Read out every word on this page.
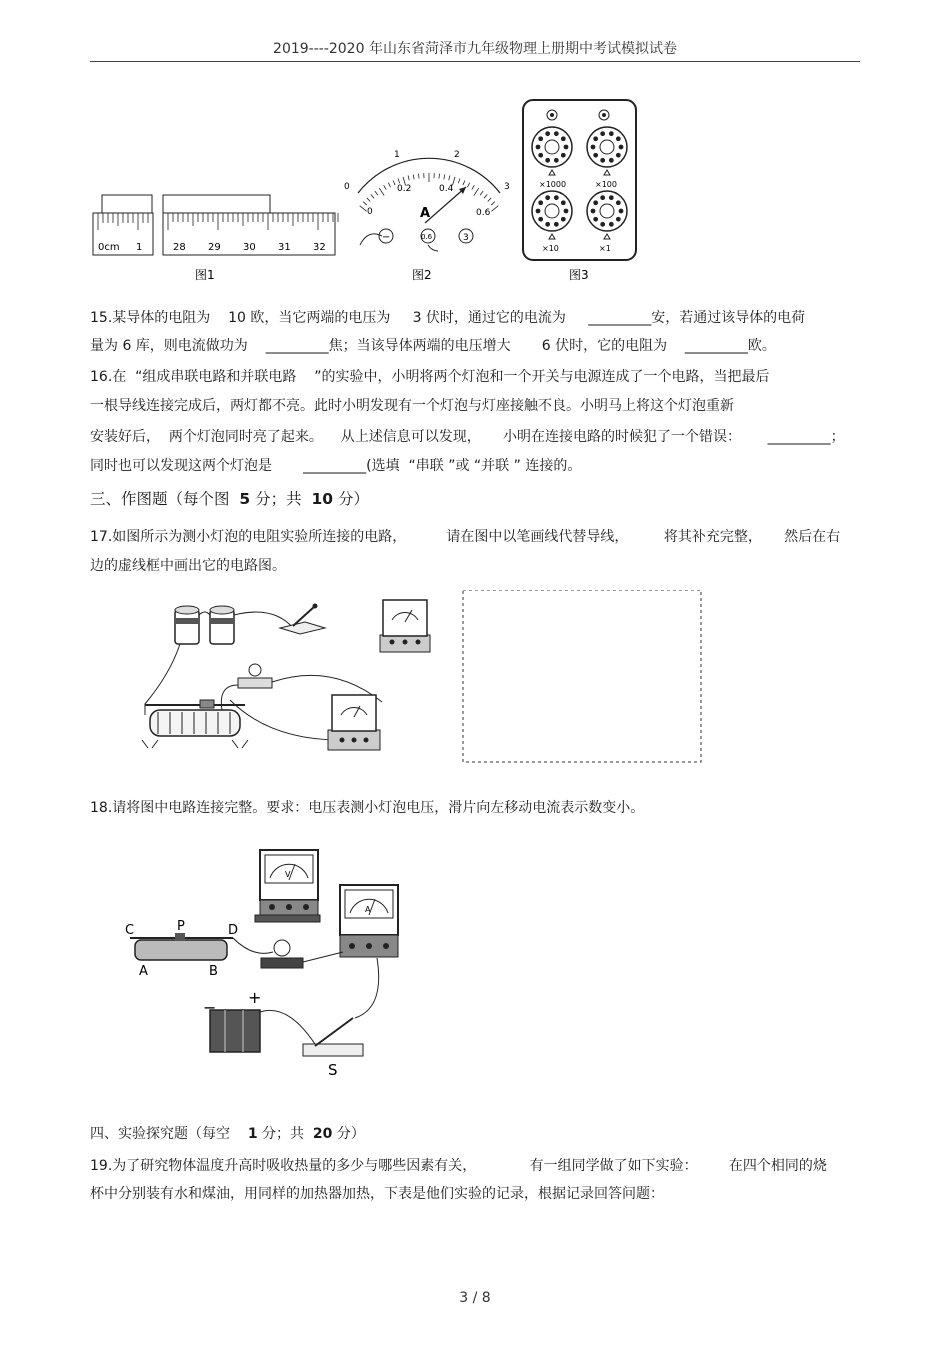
2019----2020 年山东省菏泽市九年级物理上册期中考试模拟试卷
0cm 1	28 29 30 31 32
图1
0
1	2
3
0
0.2	0.4
0.6
A
−	0.6	3
图2
×1000	×100
×10	×1
图3
15.某导体的电阻为    10 欧，当它两端的电压为     3 伏时，通过它的电流为     _________安，若通过该导体的电荷
量为 6 库，则电流做功为    _________焦；当该导体两端的电压增大       6 伏时，它的电阻为    _________欧。
16.在  “组成串联电路和并联电路    ”的实验中，小明将两个灯泡和一个开关与电源连成了一个电路，当把最后
一根导线连接完成后，两灯都不亮。此时小明发现有一个灯泡与灯座接触不良。小明马上将这个灯泡重新
安装好后，  两个灯泡同时亮了起来。    从上述信息可以发现，     小明在连接电路的时候犯了一个错误：      _________；
同时也可以发现这两个灯泡是       _________(选填  “串联 ”或 “并联 ” 连接的。
三、作图题（每个图  5 分；共  10 分）
17.如图所示为测小灯泡的电阻实验所连接的电路，         请在图中以笔画线代替导线，        将其补充完整，     然后在右
边的虚线框中画出它的电路图。
18.请将图中电路连接完整。要求：电压表测小灯泡电压，滑片向左移动电流表示数变小。
V
A
C	P	D
A	B
−
+
S
四、实验探究题（每空    1 分；共  20 分）
19.为了研究物体温度升高时吸收热量的多少与哪些因素有关，            有一组同学做了如下实验：       在四个相同的烧
杯中分别装有水和煤油，用同样的加热器加热，下表是他们实验的记录，根据记录回答问题：
3 / 8
